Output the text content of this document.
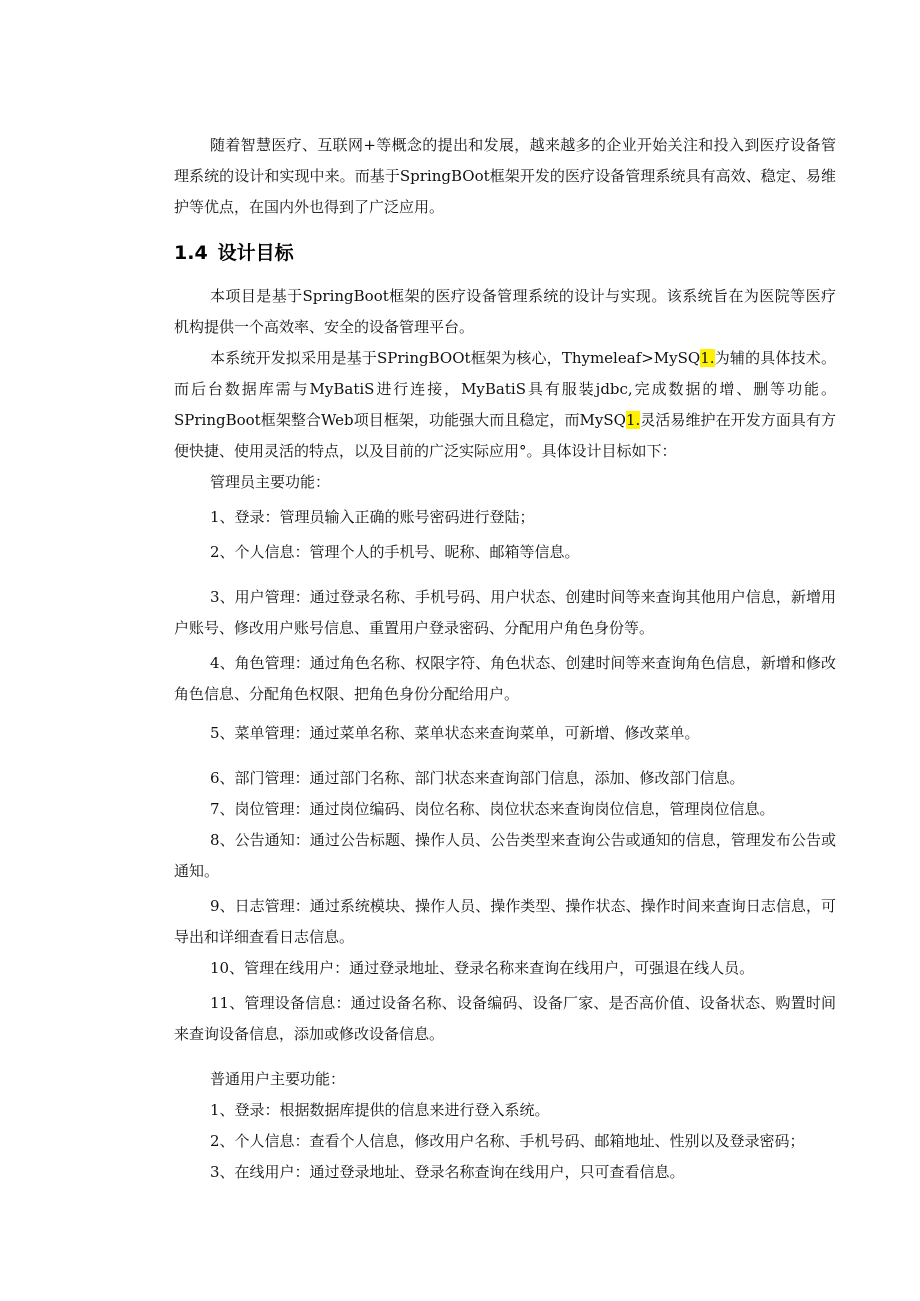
随着智慧医疗、互联网+等概念的提出和发展，越来越多的企业开始关注和投入到医疗设备管理系统的设计和实现中来。而基于SpringBOot框架开发的医疗设备管理系统具有高效、稳定、易维护等优点，在国内外也得到了广泛应用。

1.4 设计目标

本项目是基于SpringBoot框架的医疗设备管理系统的设计与实现。该系统旨在为医院等医疗机构提供一个高效率、安全的设备管理平台。

本系统开发拟采用是基于SPringBOOt框架为核心，Thymeleaf>MySQ1.为辅的具体技术。而后台数据库需与MyBatiS进行连接，MyBatiS具有服装jdbc,完成数据的增、删等功能。SPringBoot框架整合Web项目框架，功能强大而且稳定，而MySQ1.灵活易维护在开发方面具有方便快捷、使用灵活的特点，以及目前的广泛实际应用°。具体设计目标如下：

管理员主要功能：

1、登录：管理员输入正确的账号密码进行登陆；

2、个人信息：管理个人的手机号、昵称、邮箱等信息。

3、用户管理：通过登录名称、手机号码、用户状态、创建时间等来查询其他用户信息，新增用户账号、修改用户账号信息、重置用户登录密码、分配用户角色身份等。

4、角色管理：通过角色名称、权限字符、角色状态、创建时间等来查询角色信息，新增和修改角色信息、分配角色权限、把角色身份分配给用户。

5、菜单管理：通过菜单名称、菜单状态来查询菜单，可新增、修改菜单。

6、部门管理：通过部门名称、部门状态来查询部门信息，添加、修改部门信息。

7、岗位管理：通过岗位编码、岗位名称、岗位状态来查询岗位信息，管理岗位信息。

8、公告通知：通过公告标题、操作人员、公告类型来查询公告或通知的信息，管理发布公告或通知。

9、日志管理：通过系统模块、操作人员、操作类型、操作状态、操作时间来查询日志信息，可导出和详细查看日志信息。

10、管理在线用户：通过登录地址、登录名称来查询在线用户，可强退在线人员。

11、管理设备信息：通过设备名称、设备编码、设备厂家、是否高价值、设备状态、购置时间来查询设备信息，添加或修改设备信息。

普通用户主要功能：

1、登录：根据数据库提供的信息来进行登入系统。

2、个人信息：查看个人信息，修改用户名称、手机号码、邮箱地址、性别以及登录密码；

3、在线用户：通过登录地址、登录名称查询在线用户，只可查看信息。
